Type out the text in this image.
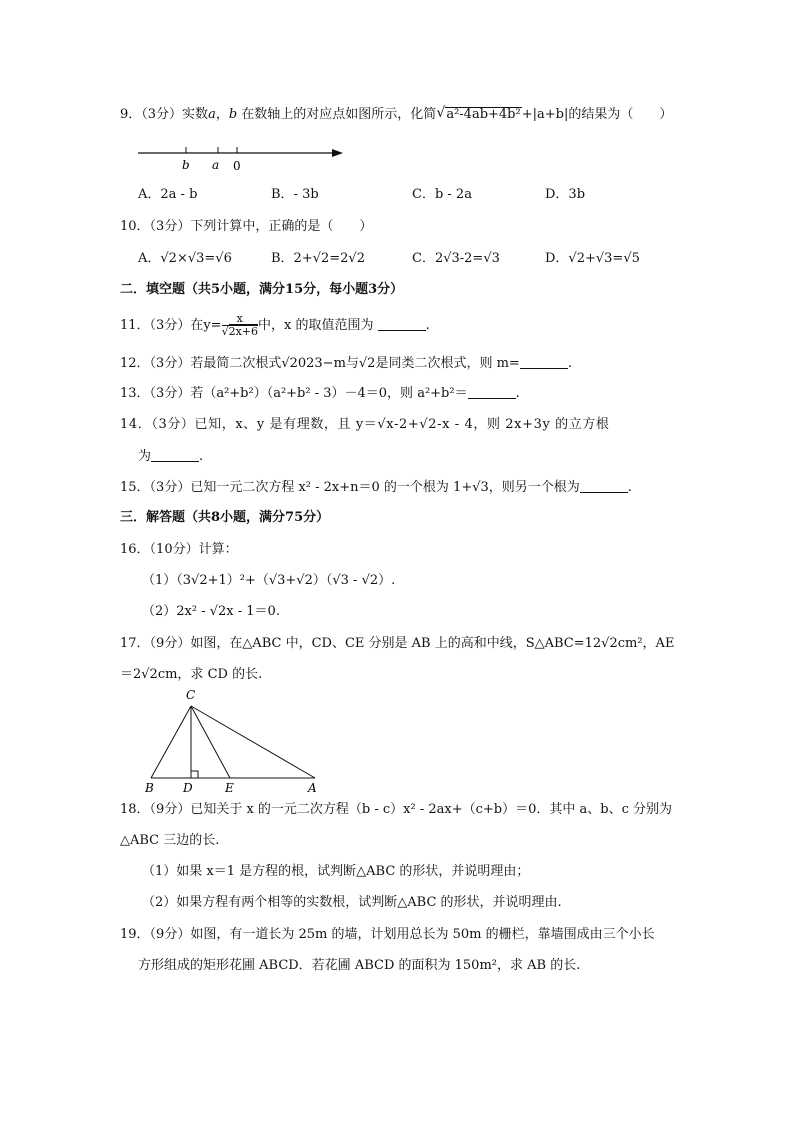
9．（3分）实数a，b 在数轴上的对应点如图所示，化简 √ a²-4ab+4b²+|a+b|的结果为（　　）
b a 0
A．2a - b	B．- 3b	C．b - 2a	D．3b
10．（3分）下列计算中，正确的是（　　）
A．√2×√3=√6	B．2+√2=2√2	C．2√3-2=√3	D．√2+√3=√5
二．填空题（共5小题，满分15分，每小题3分）
11．（3分）在$y= \frac{x}{√2x+6}$ 中，x 的取值范围为	.
12．（3分）若最简二次根式√2023−m与√2是同类二次根式，则 m=	.
13．（3分）若（a²+b²）（a²+b² - 3）－4＝0，则 a²+b²＝	.
14．（3分）已知，x、y 是有理数，且 y＝√x-2+√2-x - 4，则 2x+3y 的立方根
为	.
15．（3分）已知一元二次方程 x² - 2x+n＝0 的一个根为 1+√3，则另一个根为	.
三．解答题（共8小题，满分75分）
16．（10分）计算：
（1）（3√2+1）²+（√3+√2）（√3 - √2）.
（2）2x² - √2x - 1＝0.
17．（9分）如图，在△ABC 中，CD、CE 分别是 AB 上的高和中线，S△ABC=12√2cm²，AE
＝2√2cm，求 CD 的长.
C
B D	E	A
18．（9分）已知关于 x 的一元二次方程（b - c）x² - 2ax+（c+b）＝0．其中 a、b、c 分别为
△ABC 三边的长.
（1）如果 x＝1 是方程的根，试判断△ABC 的形状，并说明理由；
（2）如果方程有两个相等的实数根，试判断△ABC 的形状，并说明理由.
19．（9分）如图，有一道长为 25m 的墙，计划用总长为 50m 的栅栏，靠墙围成由三个小长
方形组成的矩形花圃 ABCD．若花圃 ABCD 的面积为 150m²，求 AB 的长.
